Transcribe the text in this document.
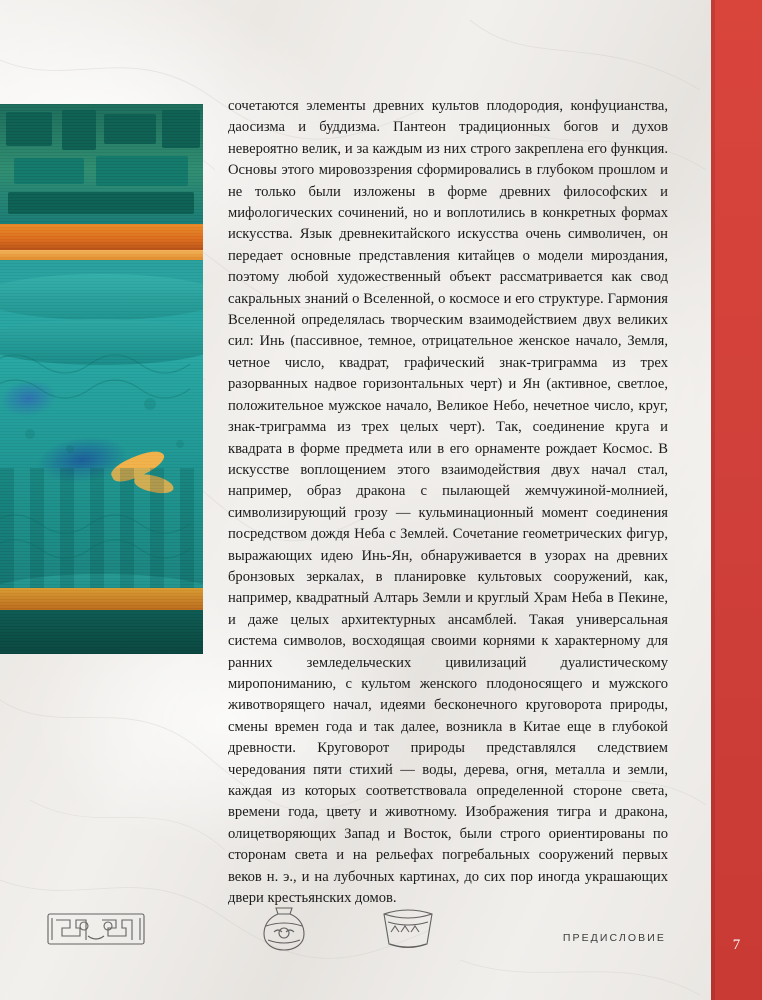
сочетаются элементы древних культов плодородия, конфуцианства, даосизма и буддизма. Пантеон традиционных богов и духов невероятно велик, и за каждым из них строго закреплена его функция. Основы этого мировоззрения сформировались в глубоком прошлом и не только были изложены в форме древних философских и мифологических сочинений, но и воплотились в конкретных формах искусства. Язык древнекитайского искусства очень символичен, он передает основные представления китайцев о модели мироздания, поэтому любой художественный объект рассматривается как свод сакральных знаний о Вселенной, о космосе и его структуре. Гармония Вселенной определялась творческим взаимодействием двух великих сил: Инь (пассивное, темное, отрицательное женское начало, Земля, четное число, квадрат, графический знак-триграмма из трех разорванных надвое горизонтальных черт) и Ян (активное, светлое, положительное мужское начало, Великое Небо, нечетное число, круг, знак-триграмма из трех целых черт). Так, соединение круга и квадрата в форме предмета или в его орнаменте рождает Космос. В искусстве воплощением этого взаимодействия двух начал стал, например, образ дракона с пылающей жемчужиной-молнией, символизирующий грозу — кульминационный момент соединения посредством дождя Неба с Землей. Сочетание геометрических фигур, выражающих идею Инь-Ян, обнаруживается в узорах на древних бронзовых зеркалах, в планировке культовых сооружений, как, например, квадратный Алтарь Земли и круглый Храм Неба в Пекине, и даже целых архитектурных ансамблей. Такая универсальная система символов, восходящая своими корнями к характерному для ранних земледельческих цивилизаций дуалистическому миропониманию, с культом женского плодоносящего и мужского животворящего начал, идеями бесконечного круговорота природы, смены времен года и так далее, возникла в Китае еще в глубокой древности. Круговорот природы представлялся следствием чередования пяти стихий — воды, дерева, огня, металла и земли, каждая из которых соответствовала определенной стороне света, времени года, цвету и животному. Изображения тигра и дракона, олицетворяющих Запад и Восток, были строго ориентированы по сторонам света и на рельефах погребальных сооружений первых веков н. э., и на лубочных картинах, до сих пор иногда украшающих двери крестьянских домов.

ПРЕДИСЛОВИЕ	7
